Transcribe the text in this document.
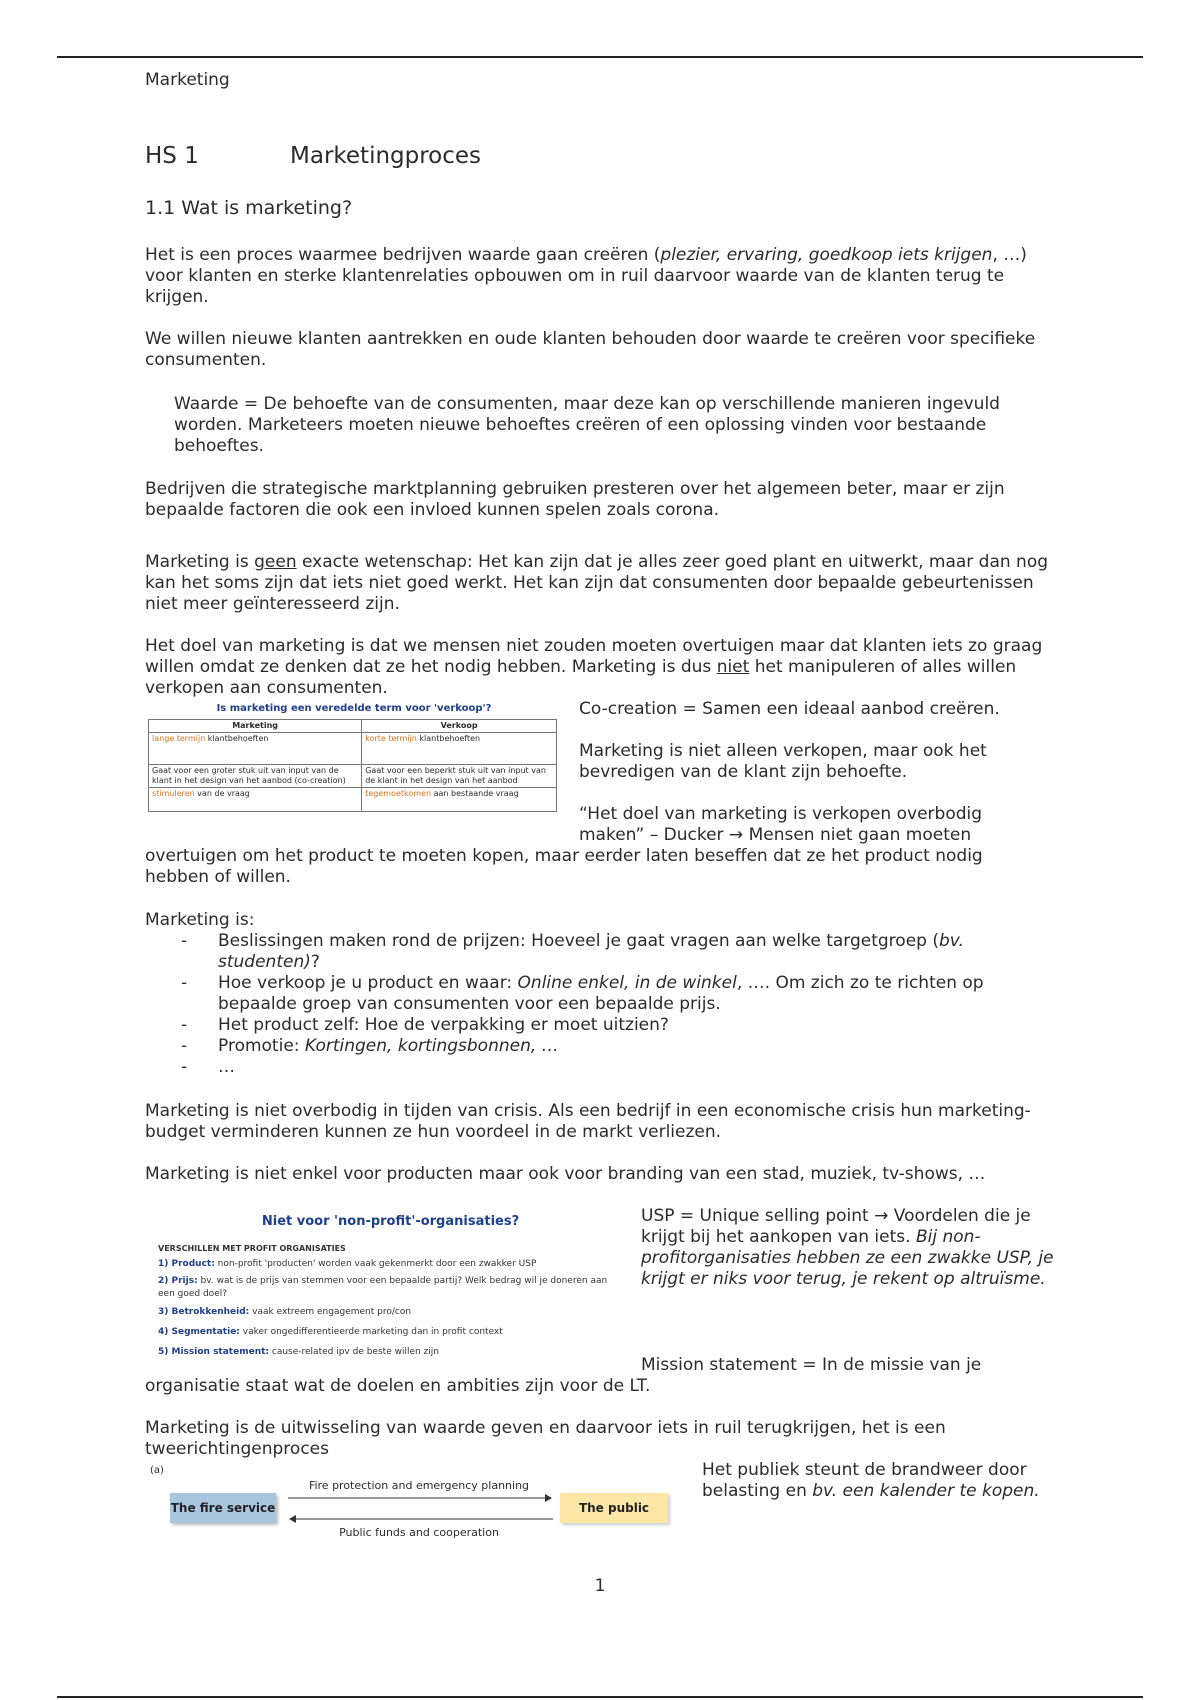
Marketing
HS 1	Marketingproces
1.1 Wat is marketing?

Het is een proces waarmee bedrijven waarde gaan creëren (plezier, ervaring, goedkoop iets krijgen, …) voor klanten en sterke klantenrelaties opbouwen om in ruil daarvoor waarde van de klanten terug te krijgen.

We willen nieuwe klanten aantrekken en oude klanten behouden door waarde te creëren voor specifieke consumenten.

Waarde = De behoefte van de consumenten, maar deze kan op verschillende manieren ingevuld worden. Marketeers moeten nieuwe behoeftes creëren of een oplossing vinden voor bestaande behoeftes.

Bedrijven die strategische marktplanning gebruiken presteren over het algemeen beter, maar er zijn bepaalde factoren die ook een invloed kunnen spelen zoals corona.

Marketing is geen exacte wetenschap: Het kan zijn dat je alles zeer goed plant en uitwerkt, maar dan nog kan het soms zijn dat iets niet goed werkt. Het kan zijn dat consumenten door bepaalde gebeurtenissen niet meer geïnteresseerd zijn.

Het doel van marketing is dat we mensen niet zouden moeten overtuigen maar dat klanten iets zo graag willen omdat ze denken dat ze het nodig hebben. Marketing is dus niet het manipuleren of alles willen verkopen aan consumenten.

Is marketing een veredelde term voor 'verkoop'?
Marketing	Verkoop
lange termijn klantbehoeften	korte termijn klantbehoeften
Gaat voor een groter stuk uit van input van de klant in het design van het aanbod (co-creation)	Gaat voor een beperkt stuk uit van input van de klant in het design van het aanbod
stimuleren van de vraag	tegemoetkomen aan bestaande vraag

Co-creation = Samen een ideaal aanbod creëren.

Marketing is niet alleen verkopen, maar ook het bevredigen van de klant zijn behoefte.

“Het doel van marketing is verkopen overbodig maken” – Ducker → Mensen niet gaan moeten

overtuigen om het product te moeten kopen, maar eerder laten beseffen dat ze het product nodig hebben of willen.

Marketing is:

- Beslissingen maken rond de prijzen: Hoeveel je gaat vragen aan welke targetgroep (bv. studenten)?
- Hoe verkoop je u product en waar: Online enkel, in de winkel, …. Om zich zo te richten op bepaalde groep van consumenten voor een bepaalde prijs.
- Het product zelf: Hoe de verpakking er moet uitzien?
- Promotie: Kortingen, kortingsbonnen, …
- …

Marketing is niet overbodig in tijden van crisis. Als een bedrijf in een economische crisis hun marketing-budget verminderen kunnen ze hun voordeel in de markt verliezen.

Marketing is niet enkel voor producten maar ook voor branding van een stad, muziek, tv-shows, …

Niet voor 'non-profit'-organisaties?
VERSCHILLEN MET PROFIT ORGANISATIES
1) Product: non-profit 'producten' worden vaak gekenmerkt door een zwakker USP
2) Prijs: bv. wat is de prijs van stemmen voor een bepaalde partij? Welk bedrag wil je doneren aan een goed doel?
3) Betrokkenheid: vaak extreem engagement pro/con
4) Segmentatie: vaker ongedifferentieerde marketing dan in profit context
5) Mission statement: cause-related ipv de beste willen zijn

USP = Unique selling point → Voordelen die je krijgt bij het aankopen van iets. Bij non-profitorganisaties hebben ze een zwakke USP, je krijgt er niks voor terug, je rekent op altruïsme.

Mission statement = In de missie van je

organisatie staat wat de doelen en ambities zijn voor de LT.

Marketing is de uitwisseling van waarde geven en daarvoor iets in ruil terugkrijgen, het is een tweerichtingenproces

(a)
The fire service	The public
Fire protection and emergency planning
Public funds and cooperation

Het publiek steunt de brandweer door belasting en bv. een kalender te kopen.

1
